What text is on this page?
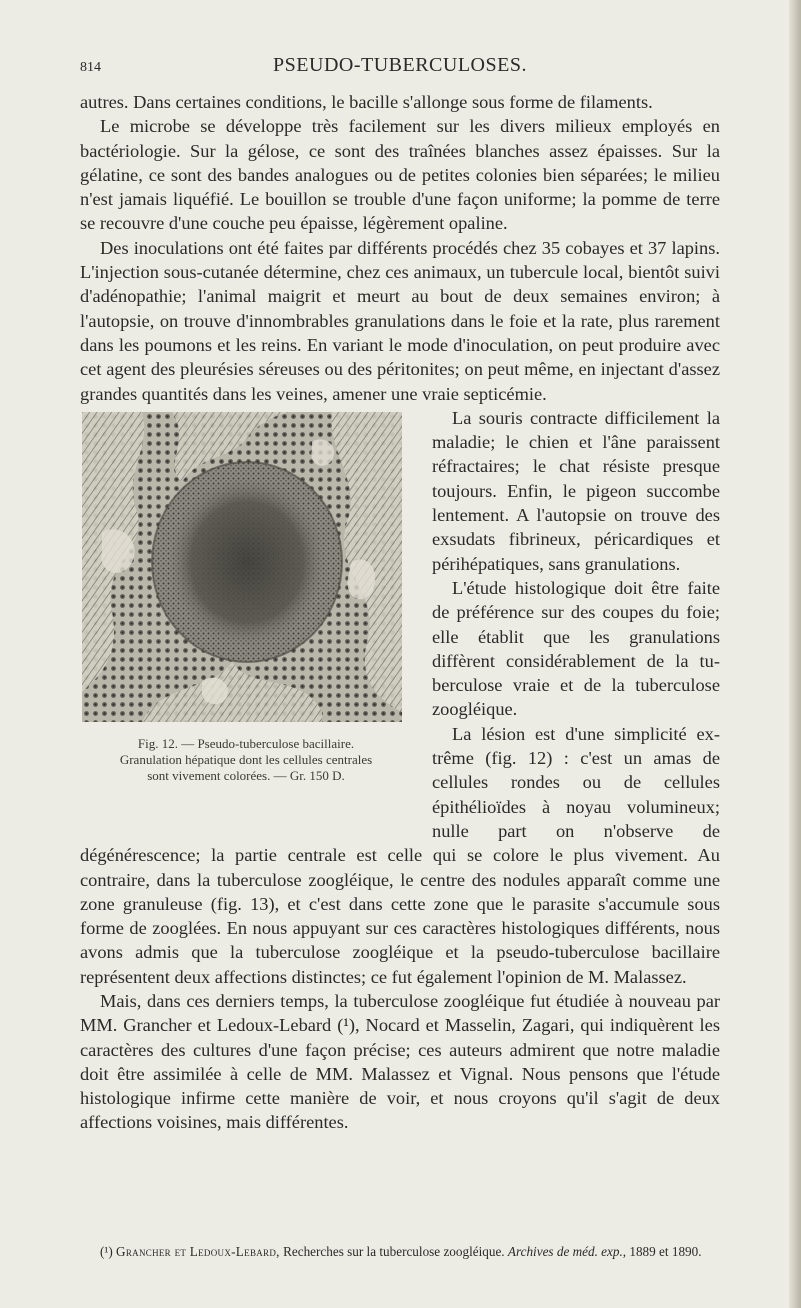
814	PSEUDO-TUBERCULOSES.

autres. Dans certaines conditions, le bacille s'allonge sous forme de filaments.

Le microbe se développe très facilement sur les divers milieux employés en bactériologie. Sur la gélose, ce sont des traînées blanches assez épaisses. Sur la gélatine, ce sont des bandes analogues ou de petites colonies bien séparées; le milieu n'est jamais liquéfié. Le bouillon se trouble d'une façon uniforme; la pomme de terre se recouvre d'une couche peu épaisse, légèrement opaline.

Des inoculations ont été faites par différents procédés chez 35 cobayes et 37 lapins. L'injection sous-cutanée détermine, chez ces animaux, un tubercule local, bientôt suivi d'adénopathie; l'animal maigrit et meurt au bout de deux semaines environ; à l'autopsie, on trouve d'innombrables granulations dans le foie et la rate, plus rarement dans les poumons et les reins. En variant le mode d'inoculation, on peut produire avec cet agent des pleurésies séreuses ou des péritonites; on peut même, en injectant d'assez grandes quantités dans les veines, amener une vraie septicémie.

Fig. 12. — Pseudo-tuberculose bacillaire.
Granulation hépatique dont les cellules centrales
sont vivement colorées. — Gr. 150 D.

La souris contracte difficilement la maladie; le chien et l'âne paraissent réfractaires; le chat résiste presque toujours. Enfin, le pigeon succombe lentement. A l'autopsie on trouve des exsudats fibrineux, péricardiques et périhépatiques, sans granulations.

L'étude histologique doit être faite de préférence sur des coupes du foie; elle établit que les granulations diffèrent considérablement de la tuberculose vraie et de la tuberculose zoogléique.

La lésion est d'une simplicité extrême (fig. 12) : c'est un amas de cellules rondes ou de cellules épithélioïdes à noyau volumineux; nulle part on n'observe de dégénérescence; la partie centrale est celle qui se colore le plus vivement. Au contraire, dans la tuberculose zoogléique, le centre des nodules apparaît comme une zone granuleuse (fig. 13), et c'est dans cette zone que le parasite s'accumule sous forme de zooglées. En nous appuyant sur ces caractères histologiques différents, nous avons admis que la tuberculose zoogléique et la pseudo-tuberculose bacillaire représentent deux affections distinctes; ce fut également l'opinion de M. Malassez.

Mais, dans ces derniers temps, la tuberculose zoogléique fut étudiée à nouveau par MM. Grancher et Ledoux-Lebard (¹), Nocard et Masselin, Zagari, qui indiquèrent les caractères des cultures d'une façon précise; ces auteurs admirent que notre maladie doit être assimilée à celle de MM. Malassez et Vignal. Nous pensons que l'étude histologique infirme cette manière de voir, et nous croyons qu'il s'agit de deux affections voisines, mais différentes.

(¹) Grancher et Ledoux-Lebard, Recherches sur la tuberculose zoogléique. Archives de méd. exp., 1889 et 1890.
